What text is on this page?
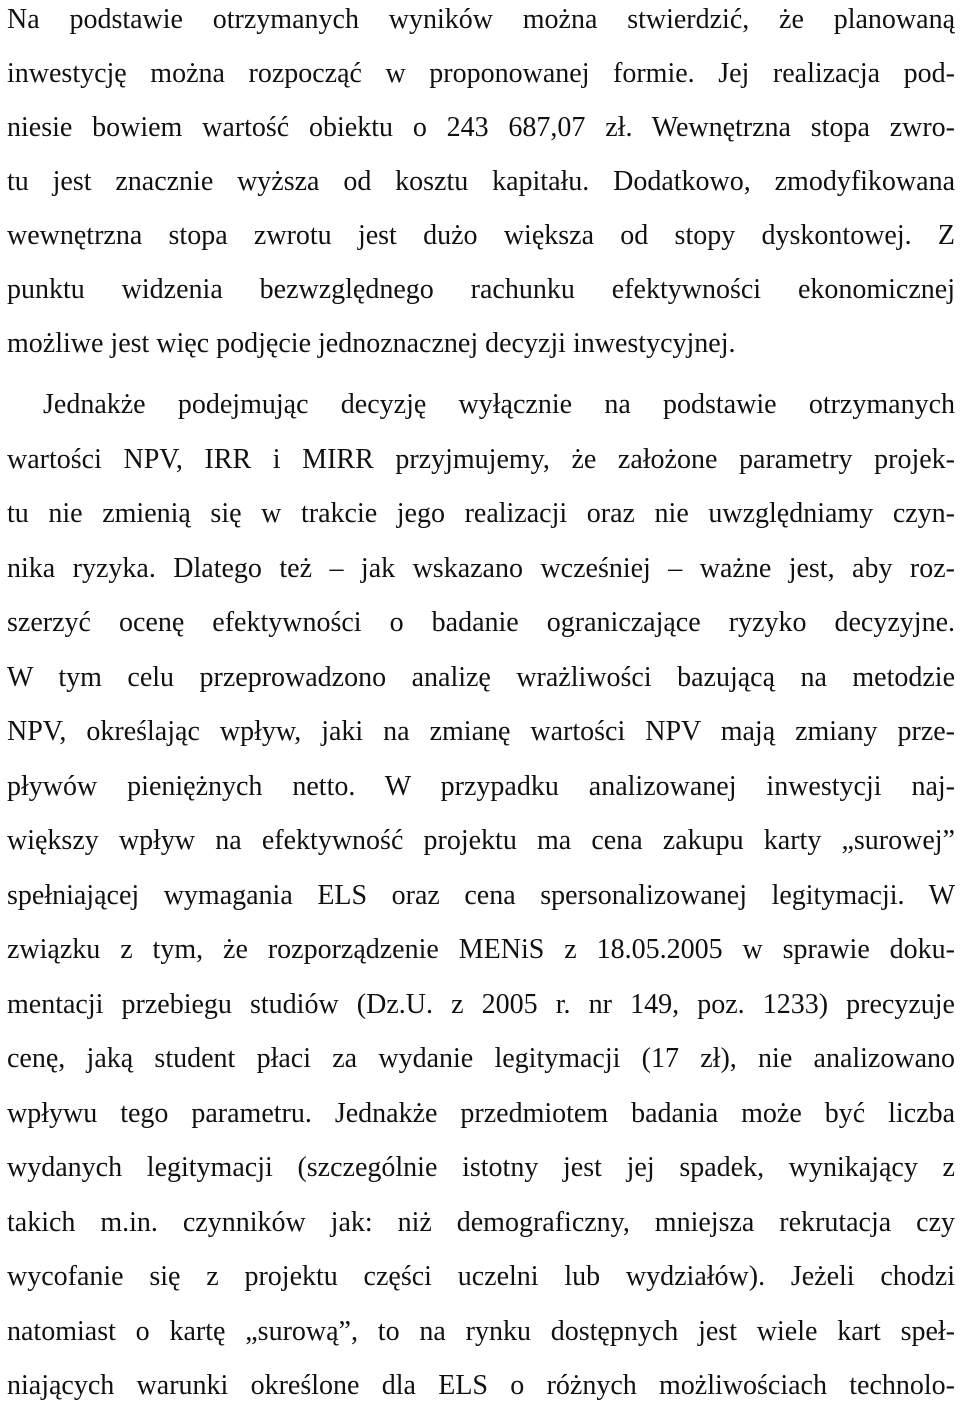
Na podstawie otrzymanych wyników można stwierdzić, że planowaną
inwestycję można rozpocząć w proponowanej formie. Jej realizacja pod-
niesie bowiem wartość obiektu o 243 687,07 zł. Wewnętrzna stopa zwro-
tu jest znacznie wyższa od kosztu kapitału. Dodatkowo, zmodyfikowana
wewnętrzna stopa zwrotu jest dużo większa od stopy dyskontowej. Z
punktu widzenia bezwzględnego rachunku efektywności ekonomicznej
możliwe jest więc podjęcie jednoznacznej decyzji inwestycyjnej.
Jednakże podejmując decyzję wyłącznie na podstawie otrzymanych
wartości NPV, IRR i MIRR przyjmujemy, że założone parametry projek-
tu nie zmienią się w trakcie jego realizacji oraz nie uwzględniamy czyn-
nika ryzyka. Dlatego też – jak wskazano wcześniej – ważne jest, aby roz-
szerzyć ocenę efektywności o badanie ograniczające ryzyko decyzyjne.
W tym celu przeprowadzono analizę wrażliwości bazującą na metodzie
NPV, określając wpływ, jaki na zmianę wartości NPV mają zmiany prze-
pływów pieniężnych netto. W przypadku analizowanej inwestycji naj-
większy wpływ na efektywność projektu ma cena zakupu karty „surowej”
spełniającej wymagania ELS oraz cena spersonalizowanej legitymacji. W
związku z tym, że rozporządzenie MENiS z 18.05.2005 w sprawie doku-
mentacji przebiegu studiów (Dz.U. z 2005 r. nr 149, poz. 1233) precyzuje
cenę, jaką student płaci za wydanie legitymacji (17 zł), nie analizowano
wpływu tego parametru. Jednakże przedmiotem badania może być liczba
wydanych legitymacji (szczególnie istotny jest jej spadek, wynikający z
takich m.in. czynników jak: niż demograficzny, mniejsza rekrutacja czy
wycofanie się z projektu części uczelni lub wydziałów). Jeżeli chodzi
natomiast o kartę „surową”, to na rynku dostępnych jest wiele kart speł-
niających warunki określone dla ELS o różnych możliwościach technolo-
